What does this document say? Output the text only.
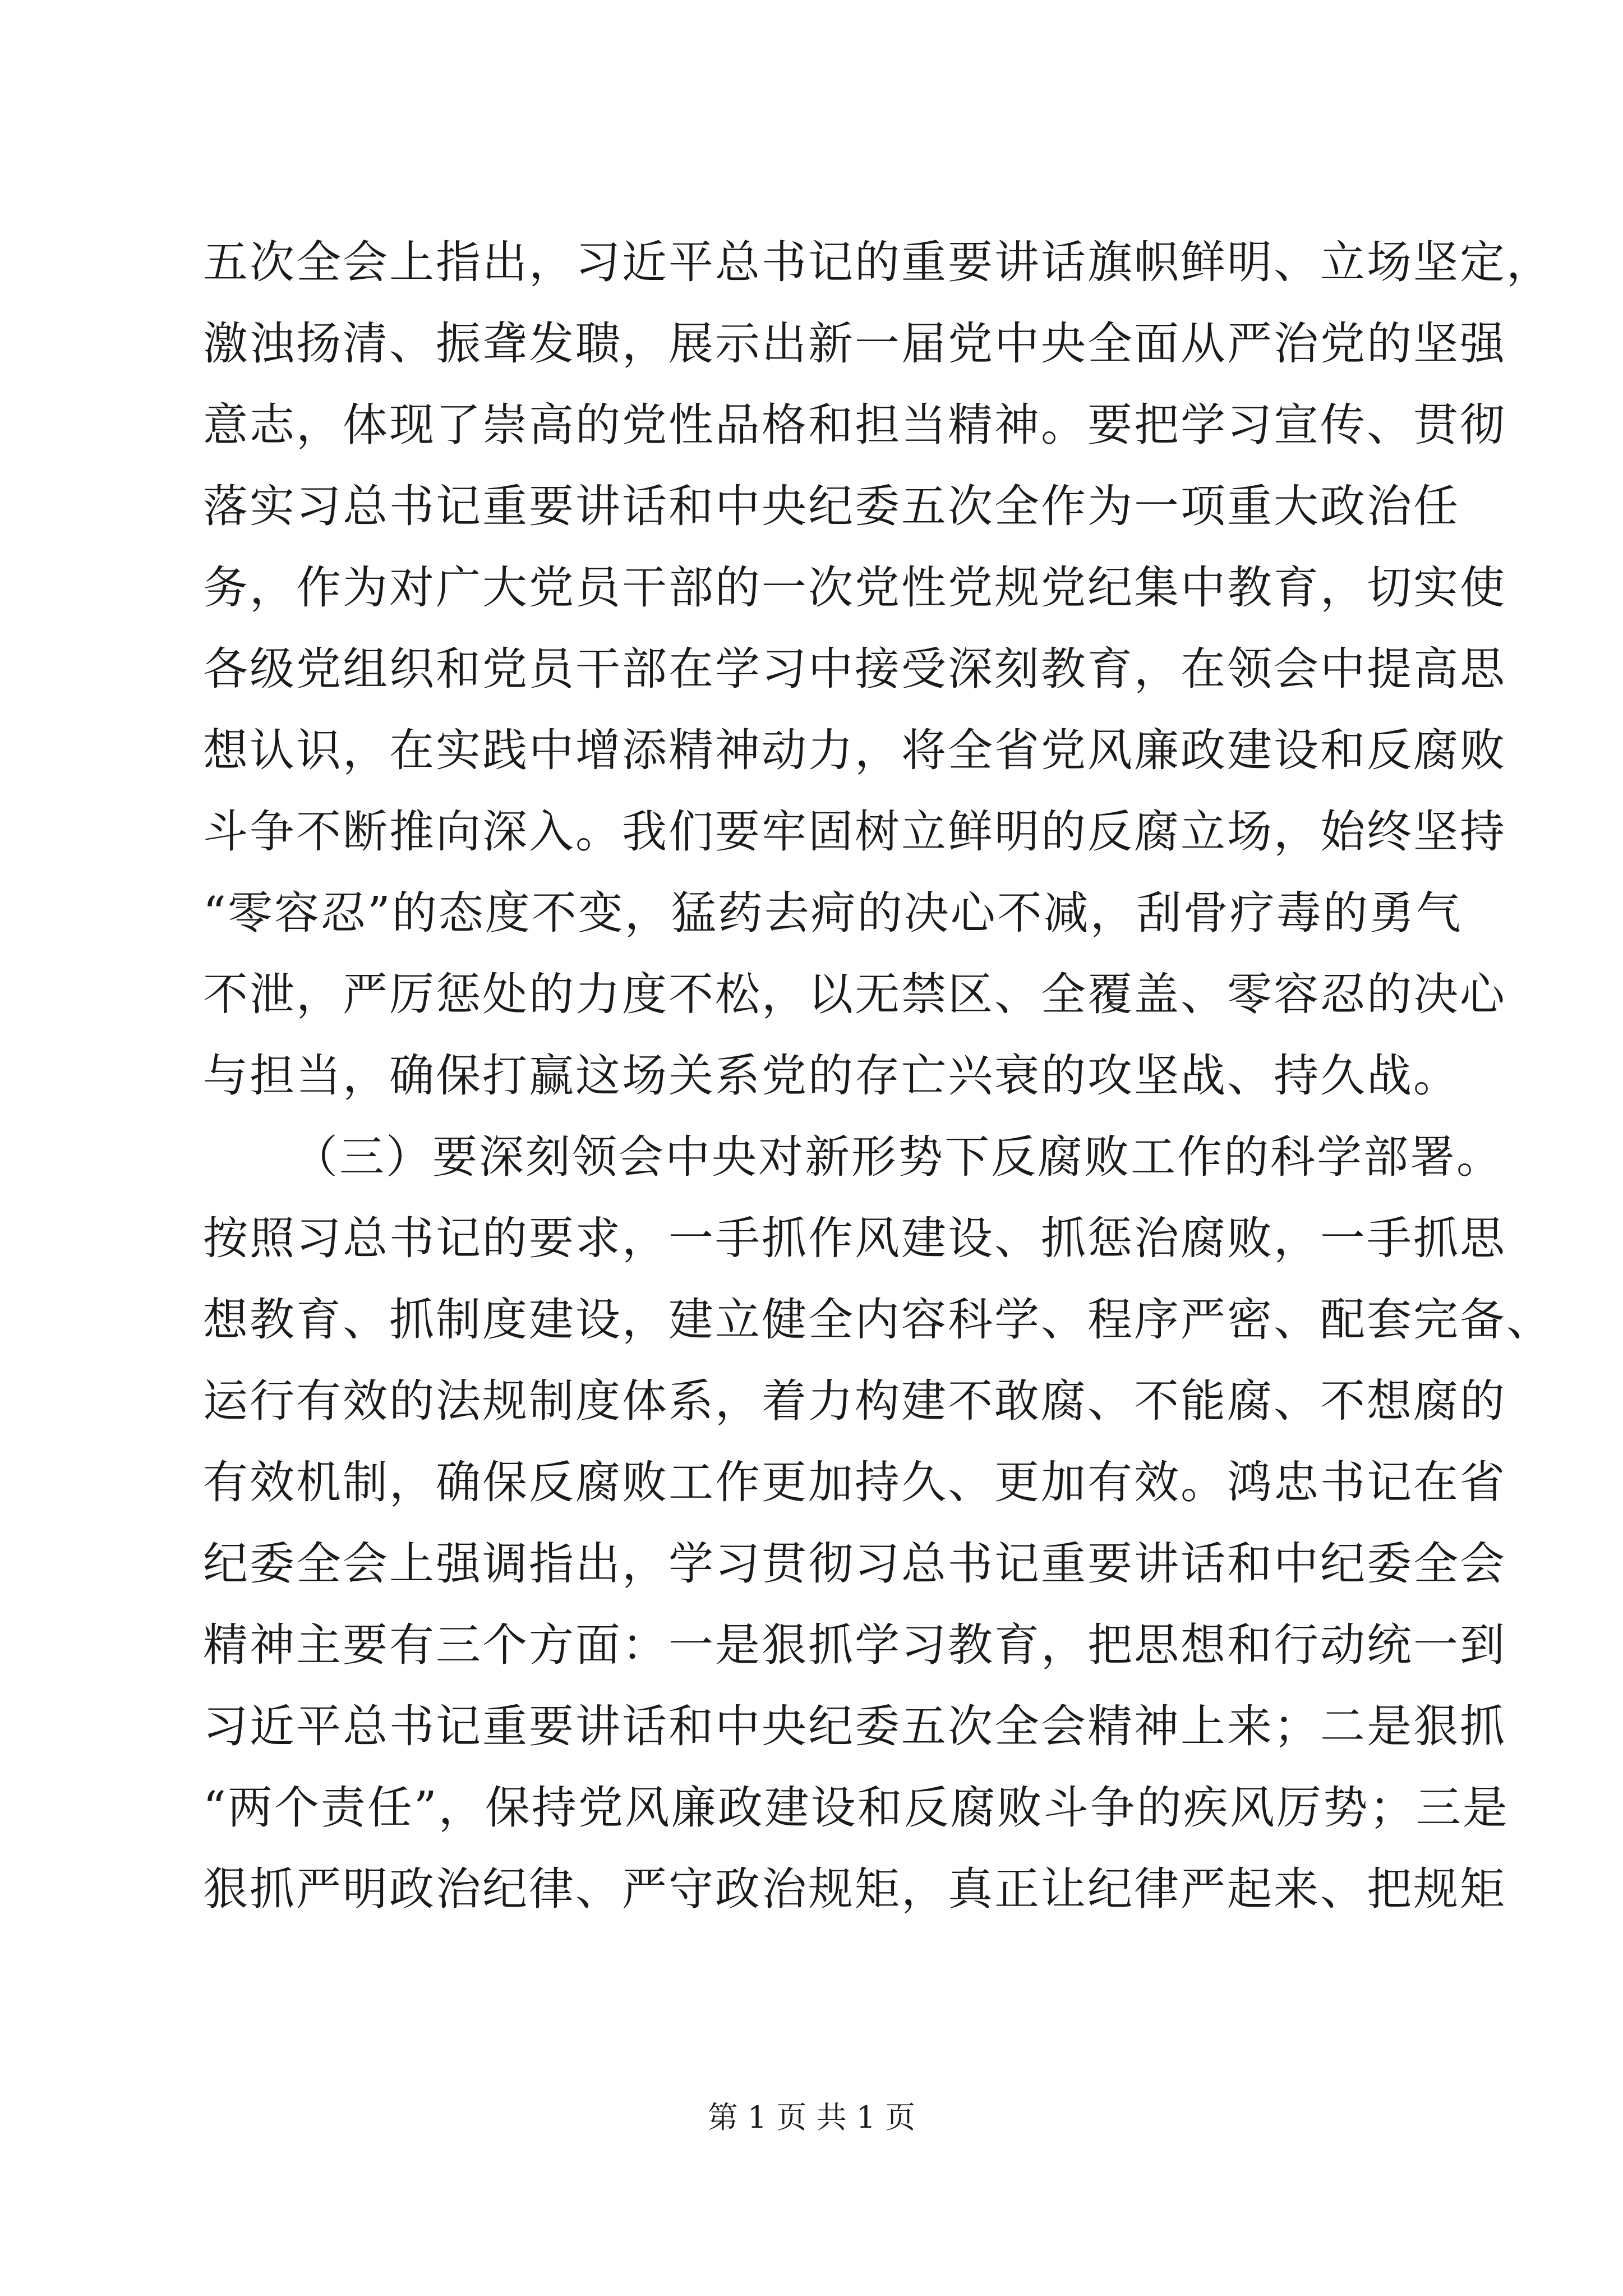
五次全会上指出，习近平总书记的重要讲话旗帜鲜明、立场坚定，
激浊扬清、振聋发聩，展示出新一届党中央全面从严治党的坚强
意志，体现了崇高的党性品格和担当精神。要把学习宣传、贯彻
落实习总书记重要讲话和中央纪委五次全作为一项重大政治任
务，作为对广大党员干部的一次党性党规党纪集中教育，切实使
各级党组织和党员干部在学习中接受深刻教育，在领会中提高思
想认识，在实践中增添精神动力，将全省党风廉政建设和反腐败
斗争不断推向深入。我们要牢固树立鲜明的反腐立场，始终坚持
“零容忍”的态度不变，猛药去疴的决心不减，刮骨疗毒的勇气
不泄，严厉惩处的力度不松，以无禁区、全覆盖、零容忍的决心
与担当，确保打赢这场关系党的存亡兴衰的攻坚战、持久战。
（三）要深刻领会中央对新形势下反腐败工作的科学部署。
按照习总书记的要求，一手抓作风建设、抓惩治腐败，一手抓思
想教育、抓制度建设，建立健全内容科学、程序严密、配套完备、
运行有效的法规制度体系，着力构建不敢腐、不能腐、不想腐的
有效机制，确保反腐败工作更加持久、更加有效。鸿忠书记在省
纪委全会上强调指出，学习贯彻习总书记重要讲话和中纪委全会
精神主要有三个方面：一是狠抓学习教育，把思想和行动统一到
习近平总书记重要讲话和中央纪委五次全会精神上来；二是狠抓
“两个责任”，保持党风廉政建设和反腐败斗争的疾风厉势；三是
狠抓严明政治纪律、严守政治规矩，真正让纪律严起来、把规矩
第 1 页 共 1 页
